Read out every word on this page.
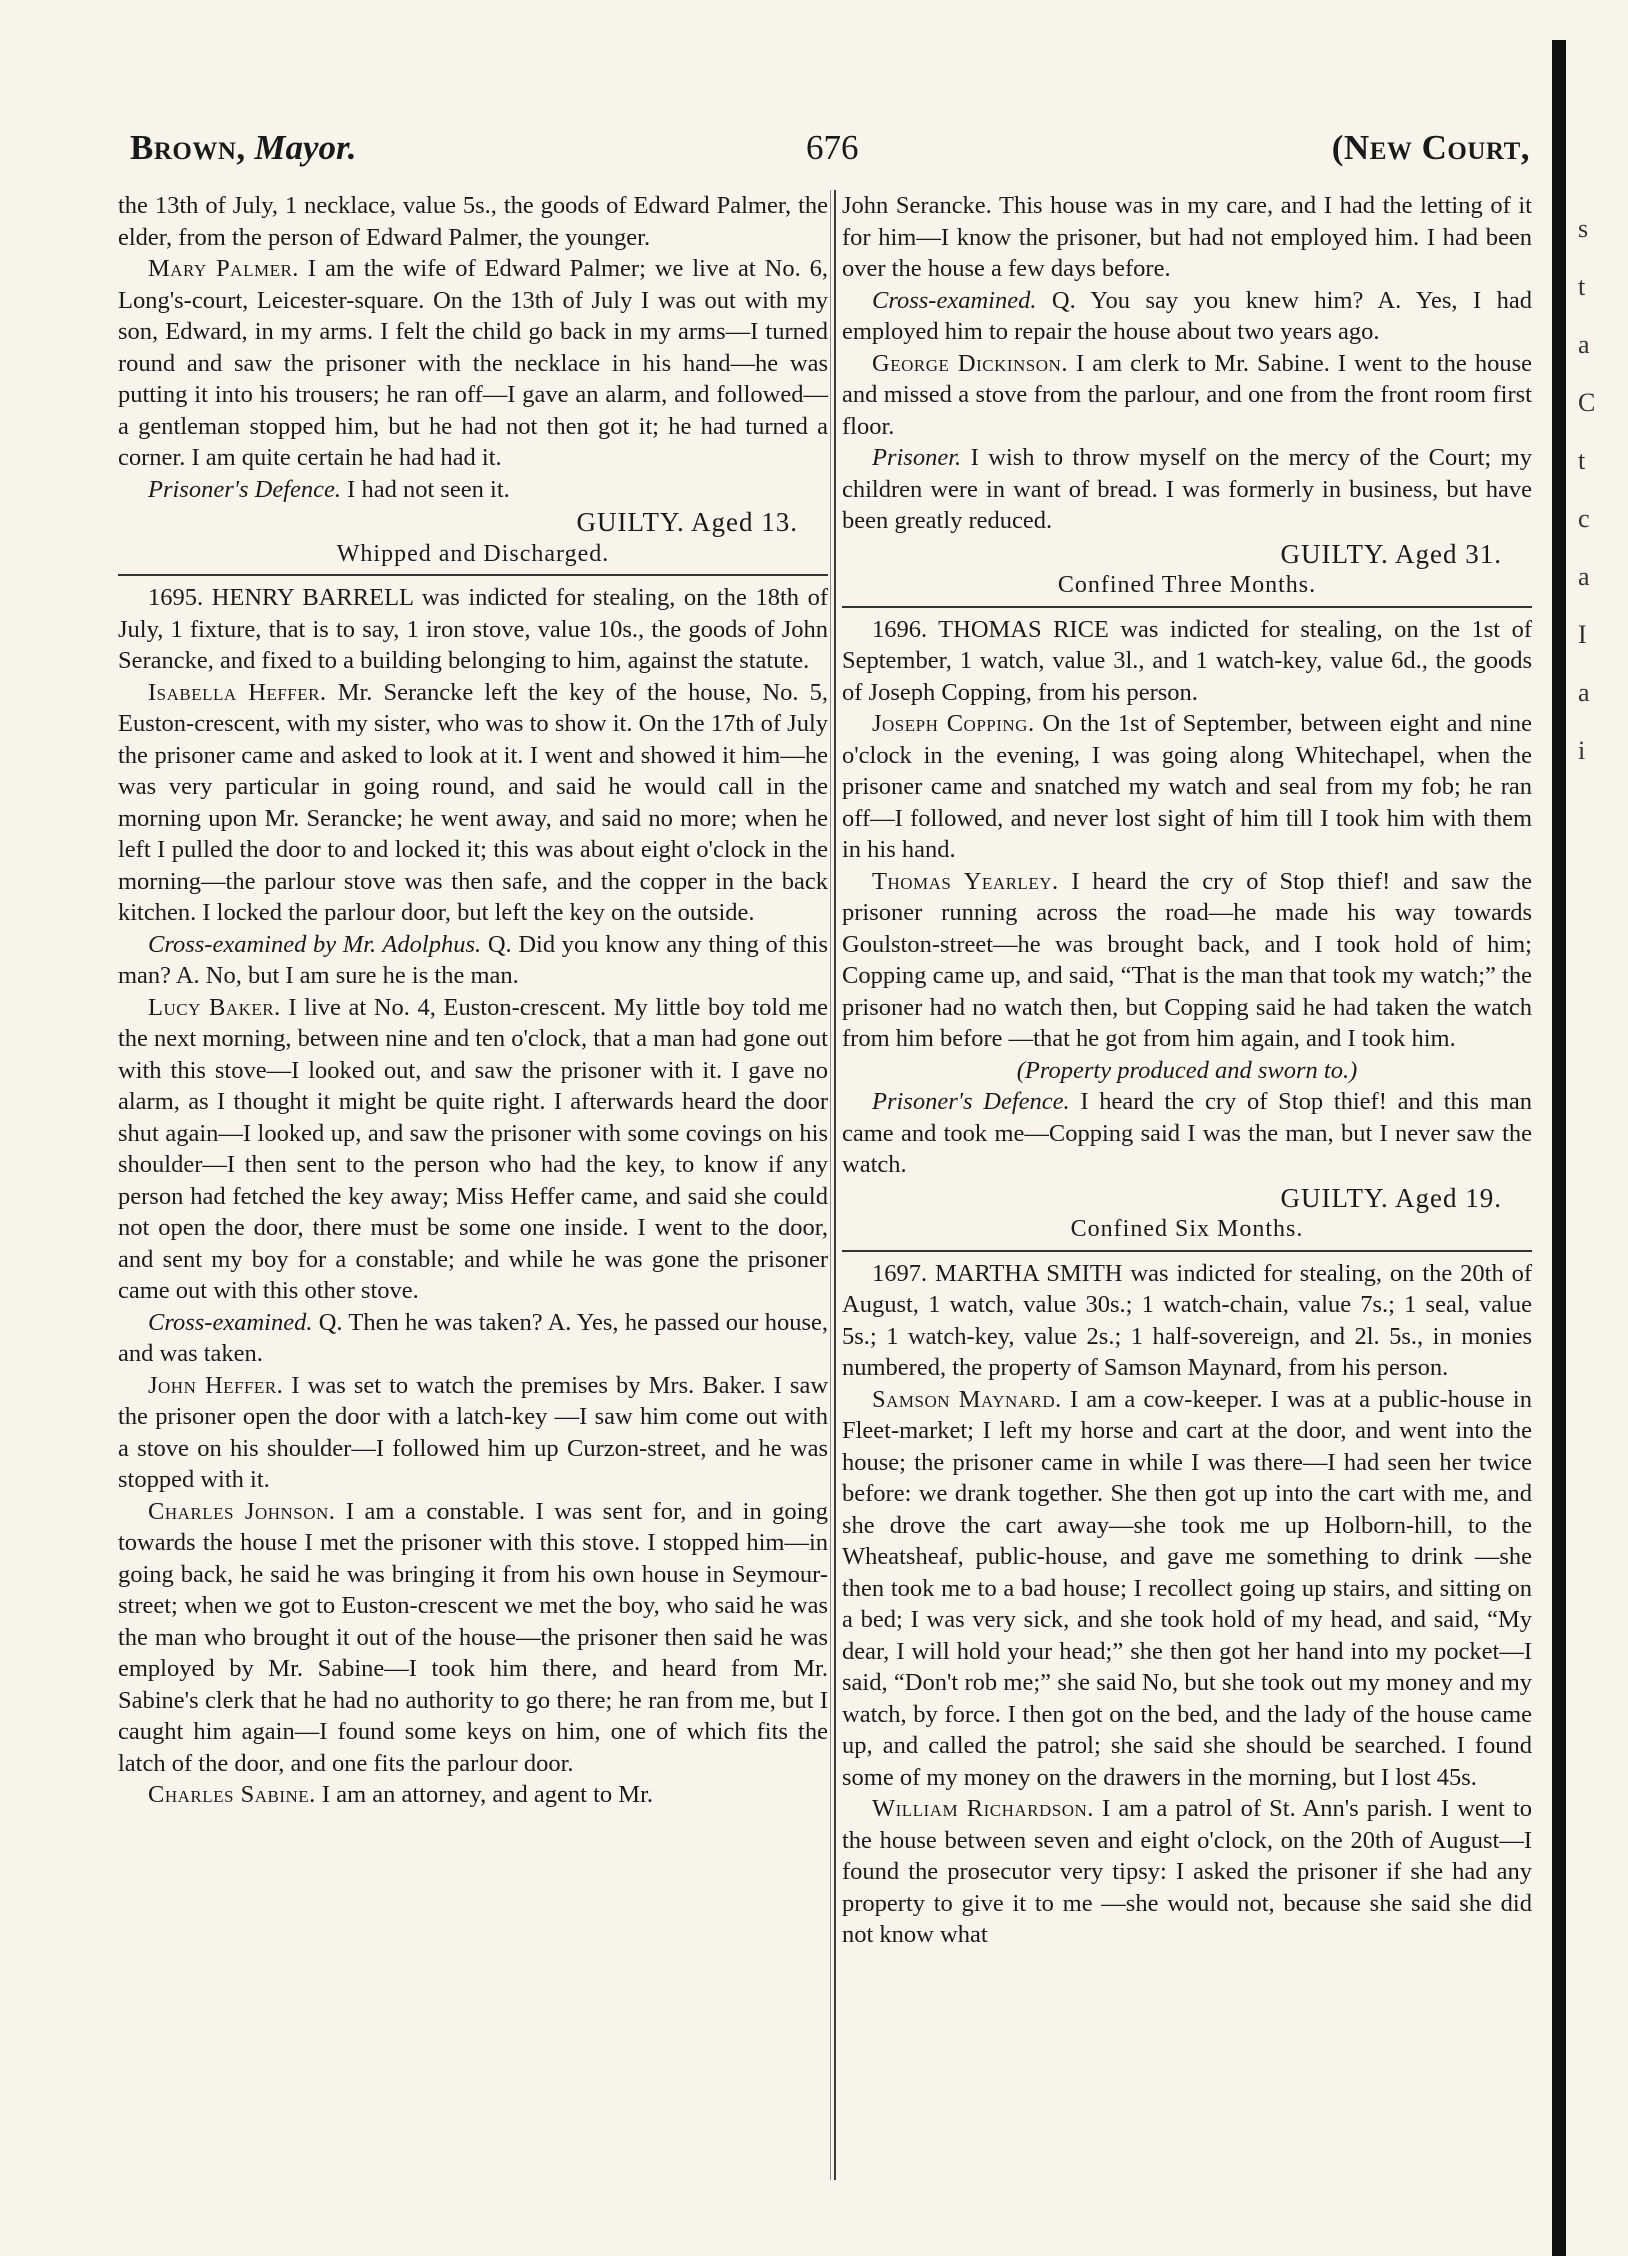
Brown, Mayor.	676	(New Court,

the 13th of July, 1 necklace, value 5s., the goods of Edward Palmer, the elder, from the person of Edward Palmer, the younger.

Mary Palmer. I am the wife of Edward Palmer; we live at No. 6, Long's-court, Leicester-square. On the 13th of July I was out with my son, Edward, in my arms. I felt the child go back in my arms—I turned round and saw the prisoner with the necklace in his hand—he was putting it into his trousers; he ran off—I gave an alarm, and followed—a gentleman stopped him, but he had not then got it; he had turned a corner. I am quite certain he had had it.

Prisoner's Defence. I had not seen it.

GUILTY. Aged 13.
Whipped and Discharged.

1695. HENRY BARRELL was indicted for stealing, on the 18th of July, 1 fixture, that is to say, 1 iron stove, value 10s., the goods of John Serancke, and fixed to a building belonging to him, against the statute.

Isabella Heffer. Mr. Serancke left the key of the house, No. 5, Euston-crescent, with my sister, who was to show it. On the 17th of July the prisoner came and asked to look at it. I went and showed it him—he was very particular in going round, and said he would call in the morning upon Mr. Serancke; he went away, and said no more; when he left I pulled the door to and locked it; this was about eight o'clock in the morning—the parlour stove was then safe, and the copper in the back kitchen. I locked the parlour door, but left the key on the outside.

Cross-examined by Mr. Adolphus. Q. Did you know any thing of this man? A. No, but I am sure he is the man.

Lucy Baker. I live at No. 4, Euston-crescent. My little boy told me the next morning, between nine and ten o'clock, that a man had gone out with this stove—I looked out, and saw the prisoner with it. I gave no alarm, as I thought it might be quite right. I afterwards heard the door shut again—I looked up, and saw the prisoner with some covings on his shoulder—I then sent to the person who had the key, to know if any person had fetched the key away; Miss Heffer came, and said she could not open the door, there must be some one inside. I went to the door, and sent my boy for a constable; and while he was gone the prisoner came out with this other stove.

Cross-examined. Q. Then he was taken? A. Yes, he passed our house, and was taken.

John Heffer. I was set to watch the premises by Mrs. Baker. I saw the prisoner open the door with a latch-key —I saw him come out with a stove on his shoulder—I followed him up Curzon-street, and he was stopped with it.

Charles Johnson. I am a constable. I was sent for, and in going towards the house I met the prisoner with this stove. I stopped him—in going back, he said he was bringing it from his own house in Seymour-street; when we got to Euston-crescent we met the boy, who said he was the man who brought it out of the house—the prisoner then said he was employed by Mr. Sabine—I took him there, and heard from Mr. Sabine's clerk that he had no authority to go there; he ran from me, but I caught him again—I found some keys on him, one of which fits the latch of the door, and one fits the parlour door.

Charles Sabine. I am an attorney, and agent to Mr.

John Serancke. This house was in my care, and I had the letting of it for him—I know the prisoner, but had not employed him. I had been over the house a few days before.

Cross-examined. Q. You say you knew him? A. Yes, I had employed him to repair the house about two years ago.

George Dickinson. I am clerk to Mr. Sabine. I went to the house and missed a stove from the parlour, and one from the front room first floor.

Prisoner. I wish to throw myself on the mercy of the Court; my children were in want of bread. I was formerly in business, but have been greatly reduced.

GUILTY. Aged 31.
Confined Three Months.

1696. THOMAS RICE was indicted for stealing, on the 1st of September, 1 watch, value 3l., and 1 watch-key, value 6d., the goods of Joseph Copping, from his person.

Joseph Copping. On the 1st of September, between eight and nine o'clock in the evening, I was going along Whitechapel, when the prisoner came and snatched my watch and seal from my fob; he ran off—I followed, and never lost sight of him till I took him with them in his hand.

Thomas Yearley. I heard the cry of Stop thief! and saw the prisoner running across the road—he made his way towards Goulston-street—he was brought back, and I took hold of him; Copping came up, and said, “That is the man that took my watch;” the prisoner had no watch then, but Copping said he had taken the watch from him before —that he got from him again, and I took him.

(Property produced and sworn to.)

Prisoner's Defence. I heard the cry of Stop thief! and this man came and took me—Copping said I was the man, but I never saw the watch.

GUILTY. Aged 19.
Confined Six Months.

1697. MARTHA SMITH was indicted for stealing, on the 20th of August, 1 watch, value 30s.; 1 watch-chain, value 7s.; 1 seal, value 5s.; 1 watch-key, value 2s.; 1 half-sovereign, and 2l. 5s., in monies numbered, the property of Samson Maynard, from his person.

Samson Maynard. I am a cow-keeper. I was at a public-house in Fleet-market; I left my horse and cart at the door, and went into the house; the prisoner came in while I was there—I had seen her twice before: we drank together. She then got up into the cart with me, and she drove the cart away—she took me up Holborn-hill, to the Wheatsheaf, public-house, and gave me something to drink —she then took me to a bad house; I recollect going up stairs, and sitting on a bed; I was very sick, and she took hold of my head, and said, “My dear, I will hold your head;” she then got her hand into my pocket—I said, “Don't rob me;” she said No, but she took out my money and my watch, by force. I then got on the bed, and the lady of the house came up, and called the patrol; she said she should be searched. I found some of my money on the drawers in the morning, but I lost 45s.

William Richardson. I am a patrol of St. Ann's parish. I went to the house between seven and eight o'clock, on the 20th of August—I found the prosecutor very tipsy: I asked the prisoner if she had any property to give it to me —she would not, because she said she did not know what

s
t
a
C
t
c
a
I
a
i
